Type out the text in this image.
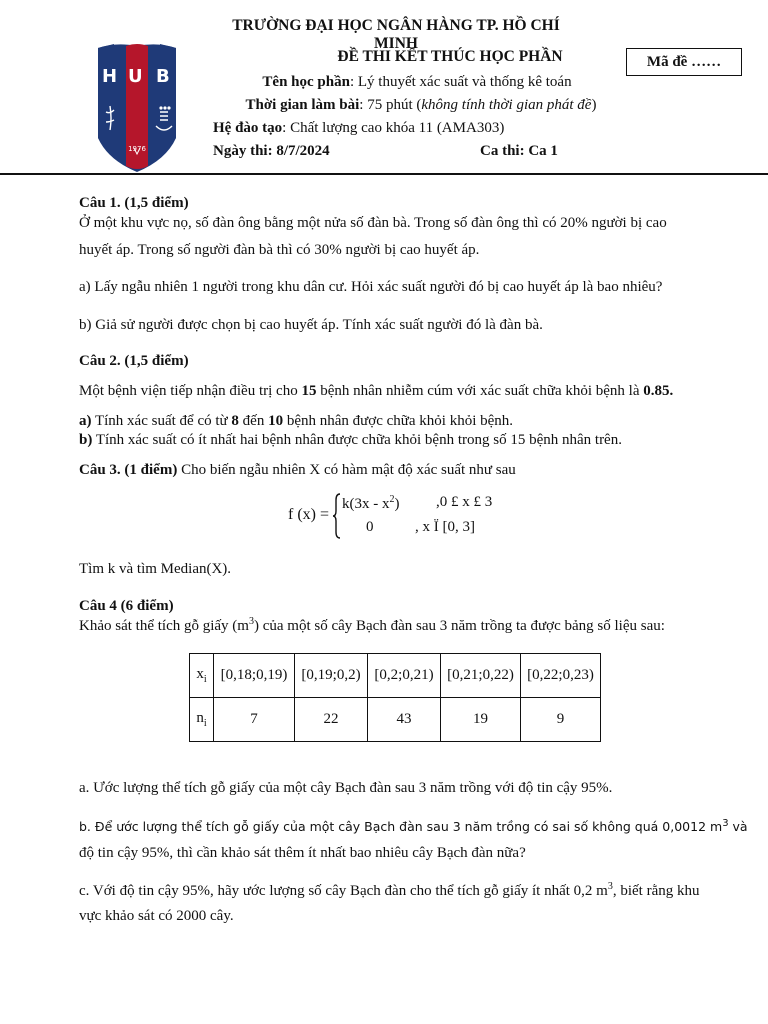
H U B
1976
TRƯỜNG ĐẠI HỌC NGÂN HÀNG TP. HỒ CHÍ MINH
ĐỀ THI KẾT THÚC HỌC PHẦN	Mã đề ……
Tên học phần: Lý thuyết xác suất và thống kê toán
Thời gian làm bài: 75 phút (không tính thời gian phát đề)
Hệ đào tạo: Chất lượng cao khóa 11 (AMA303)
Ngày thi: 8/7/2024	Ca thi: Ca 1
Câu 1. (1,5 điểm)
Ở một khu vực nọ, số đàn ông bằng một nửa số đàn bà. Trong số đàn ông thì có 20% người bị cao
huyết áp. Trong số người đàn bà thì có 30% người bị cao huyết áp.
a) Lấy ngẫu nhiên 1 người trong khu dân cư. Hỏi xác suất người đó bị cao huyết áp là bao nhiêu?
b) Giả sử người được chọn bị cao huyết áp. Tính xác suất người đó là đàn bà.
Câu 2. (1,5 điểm)
Một bệnh viện tiếp nhận điều trị cho 15 bệnh nhân nhiễm cúm với xác suất chữa khỏi bệnh là 0.85.
a) Tính xác suất để có từ 8 đến 10 bệnh nhân được chữa khỏi khỏi bệnh.
b) Tính xác suất có ít nhất hai bệnh nhân được chữa khỏi bệnh trong số 15 bệnh nhân trên.
Câu 3. (1 điểm) Cho biến ngẫu nhiên X có hàm mật độ xác suất như sau
f (x) =
$k(3x - x^2)$ ,0 £ x £ 3
0	, x Ï [0, 3]
Tìm k và tìm Median(X).
Câu 4 (6 điểm)
Khảo sát thể tích gỗ giấy $(m^3)$ của một số cây Bạch đàn sau 3 năm trồng ta được bảng số liệu sau:
$x_i$	[0,18;0,19)	[0,19;0,2)	[0,2;0,21)	[0,21;0,22)	[0,22;0,23)
$n_i$	7	22	43	19	9
a. Ước lượng thể tích gỗ giấy của một cây Bạch đàn sau 3 năm trồng với độ tin cậy 95%.
b. Để ước lượng thể tích gỗ giấy của một cây Bạch đàn sau 3 năm trồng có sai số không quá 0,0012 $m^3$ và
độ tin cậy 95%, thì cần khảo sát thêm ít nhất bao nhiêu cây Bạch đàn nữa?
c. Với độ tin cậy 95%, hãy ước lượng số cây Bạch đàn cho thể tích gỗ giấy ít nhất 0,2 $m^3$, biết rằng khu
vực khảo sát có 2000 cây.
